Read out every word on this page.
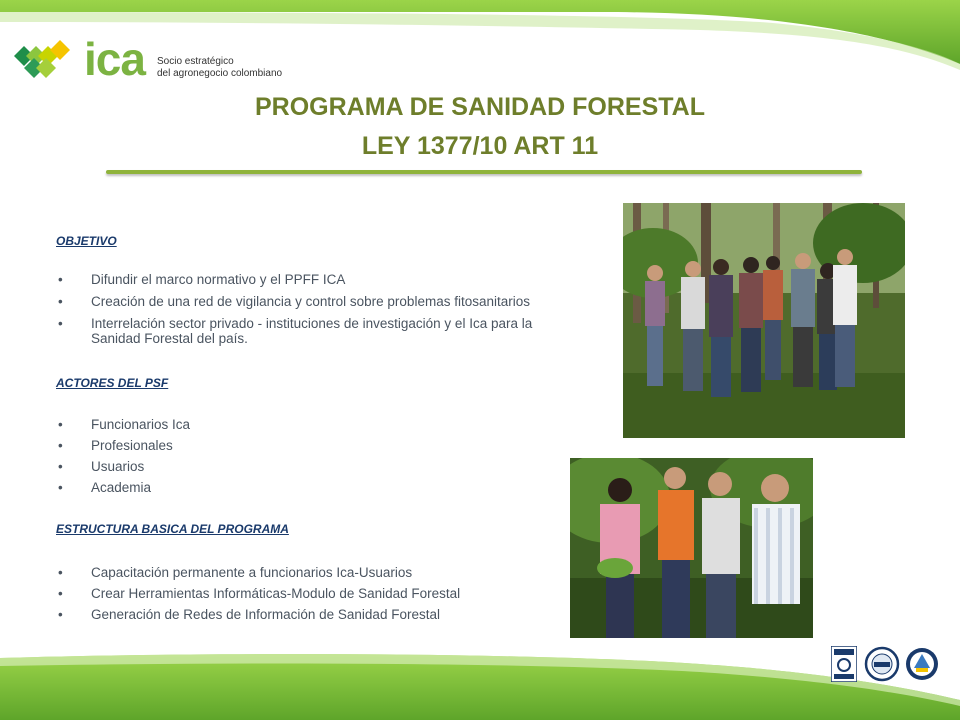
ica Socio estratégico
del agronegocio colombiano
PROGRAMA DE SANIDAD FORESTAL
LEY 1377/10 ART 11

OBJETIVO

• Difundir el marco normativo y el PPFF ICA
• Creación de una red de vigilancia y control sobre problemas fitosanitarios
• Interrelación sector privado - instituciones de investigación y el Ica para la
Sanidad Forestal del país.

ACTORES DEL PSF

• Funcionarios Ica
• Profesionales
• Usuarios
• Academia

ESTRUCTURA BASICA DEL PROGRAMA

• Capacitación permanente a funcionarios Ica-Usuarios
• Crear Herramientas Informáticas-Modulo de Sanidad Forestal
• Generación de Redes de Información de Sanidad Forestal
